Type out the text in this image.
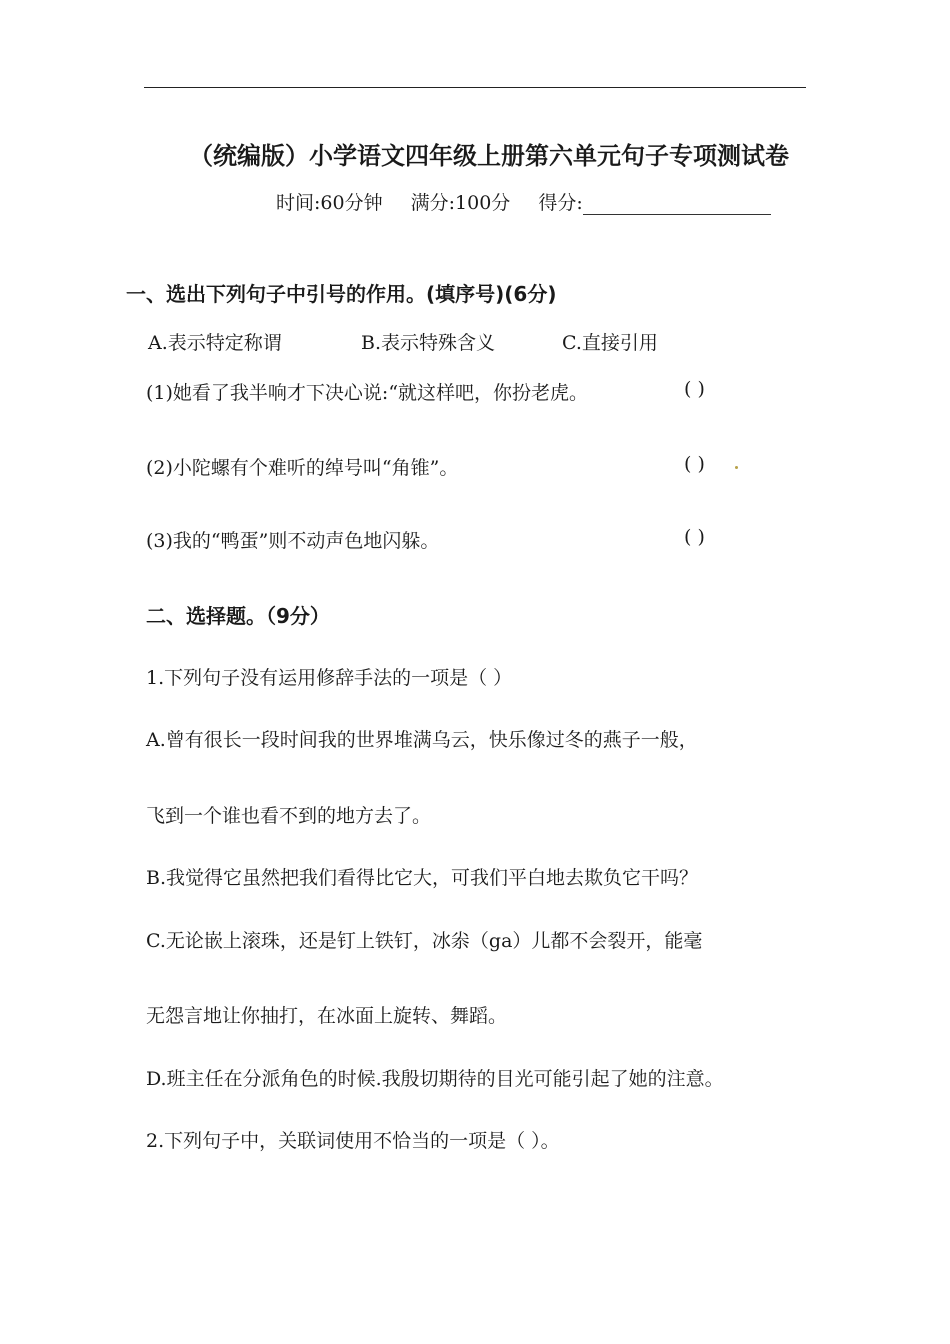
（统编版）小学语文四年级上册第六单元句子专项测试卷
时间:60分钟 满分:100分 得分:
一、选出下列句子中引号的作用。(填序号)(6分)
A.表示特定称谓	B.表示特殊含义	C.直接引用
(1)她看了我半响才下决心说:“就这样吧，你扮老虎。	( )
(2)小陀螺有个难听的绰号叫“角锥”。	( )
(3)我的“鸭蛋”则不动声色地闪躲。	( )
二、选择题。（9分）
1.下列句子没有运用修辞手法的一项是（ ）
A.曾有很长一段时间我的世界堆满乌云，快乐像过冬的燕子一般，
飞到一个谁也看不到的地方去了。
B.我觉得它虽然把我们看得比它大，可我们平白地去欺负它干吗？
C.无论嵌上滚珠，还是钉上铁钉，冰尜（ga）儿都不会裂开，能毫
无怨言地让你抽打，在冰面上旋转、舞蹈。
D.班主任在分派角色的时候.我殷切期待的目光可能引起了她的注意。
2.下列句子中，关联词使用不恰当的一项是（ ）。
